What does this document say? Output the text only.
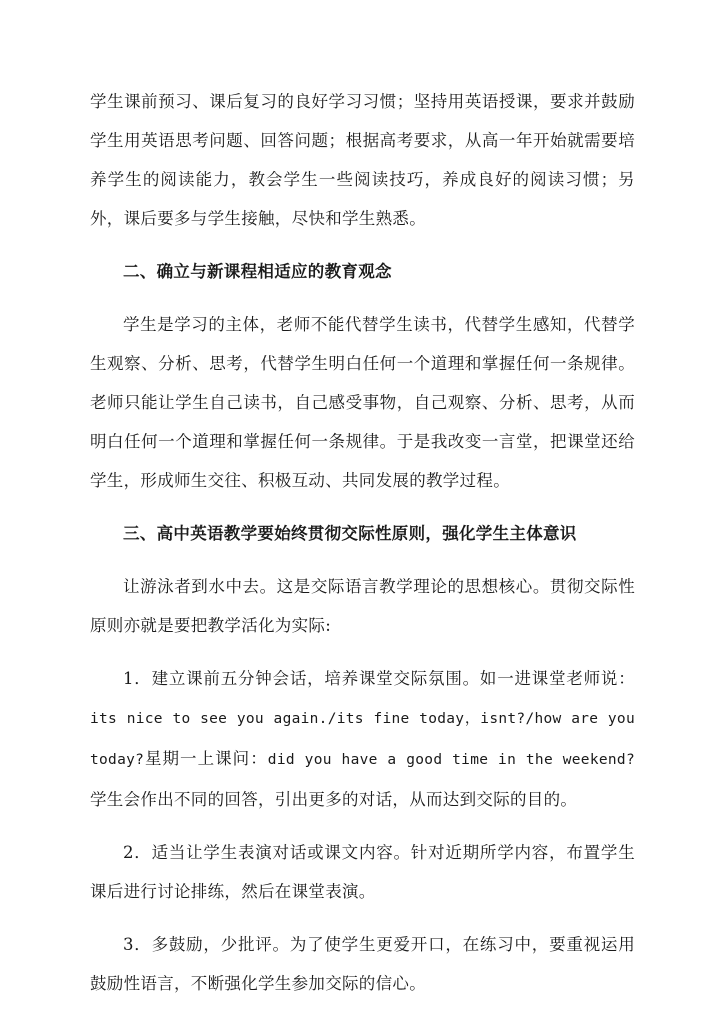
学生课前预习、课后复习的良好学习习惯；坚持用英语授课，要求并鼓励学生用英语思考问题、回答问题；根据高考要求，从高一年开始就需要培养学生的阅读能力，教会学生一些阅读技巧，养成良好的阅读习惯；另外，课后要多与学生接触，尽快和学生熟悉。

二、确立与新课程相适应的教育观念

学生是学习的主体，老师不能代替学生读书，代替学生感知，代替学生观察、分析、思考，代替学生明白任何一个道理和掌握任何一条规律。老师只能让学生自己读书，自己感受事物，自己观察、分析、思考，从而明白任何一个道理和掌握任何一条规律。于是我改变一言堂，把课堂还给学生，形成师生交往、积极互动、共同发展的教学过程。

三、高中英语教学要始终贯彻交际性原则，强化学生主体意识

让游泳者到水中去。这是交际语言教学理论的思想核心。贯彻交际性原则亦就是要把教学活化为实际:

1．建立课前五分钟会话，培养课堂交际氛围。如一进课堂老师说：its nice to see you again./its fine today，isnt?/how are you today?星期一上课问：did you have a good time in the weekend?学生会作出不同的回答，引出更多的对话，从而达到交际的目的。

2．适当让学生表演对话或课文内容。针对近期所学内容，布置学生课后进行讨论排练，然后在课堂表演。

3．多鼓励，少批评。为了使学生更爱开口，在练习中，要重视运用鼓励性语言，不断强化学生参加交际的信心。
